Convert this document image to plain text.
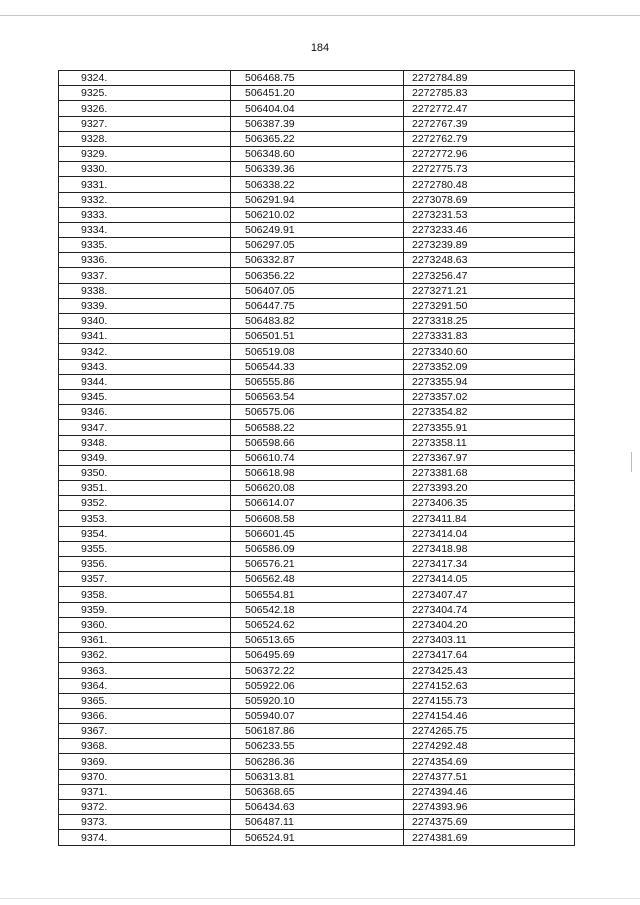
184
9324.	506468.75	2272784.89
9325.	506451.20	2272785.83
9326.	506404.04	2272772.47
9327.	506387.39	2272767.39
9328.	506365.22	2272762.79
9329.	506348.60	2272772.96
9330.	506339.36	2272775.73
9331.	506338.22	2272780.48
9332.	506291.94	2273078.69
9333.	506210.02	2273231.53
9334.	506249.91	2273233.46
9335.	506297.05	2273239.89
9336.	506332.87	2273248.63
9337.	506356.22	2273256.47
9338.	506407.05	2273271.21
9339.	506447.75	2273291.50
9340.	506483.82	2273318.25
9341.	506501.51	2273331.83
9342.	506519.08	2273340.60
9343.	506544.33	2273352.09
9344.	506555.86	2273355.94
9345.	506563.54	2273357.02
9346.	506575.06	2273354.82
9347.	506588.22	2273355.91
9348.	506598.66	2273358.11
9349.	506610.74	2273367.97
9350.	506618.98	2273381.68
9351.	506620.08	2273393.20
9352.	506614.07	2273406.35
9353.	506608.58	2273411.84
9354.	506601.45	2273414.04
9355.	506586.09	2273418.98
9356.	506576.21	2273417.34
9357.	506562.48	2273414.05
9358.	506554.81	2273407.47
9359.	506542.18	2273404.74
9360.	506524.62	2273404.20
9361.	506513.65	2273403.11
9362.	506495.69	2273417.64
9363.	506372.22	2273425.43
9364.	505922.06	2274152.63
9365.	505920.10	2274155.73
9366.	505940.07	2274154.46
9367.	506187.86	2274265.75
9368.	506233.55	2274292.48
9369.	506286.36	2274354.69
9370.	506313.81	2274377.51
9371.	506368.65	2274394.46
9372.	506434.63	2274393.96
9373.	506487.11	2274375.69
9374.	506524.91	2274381.69
